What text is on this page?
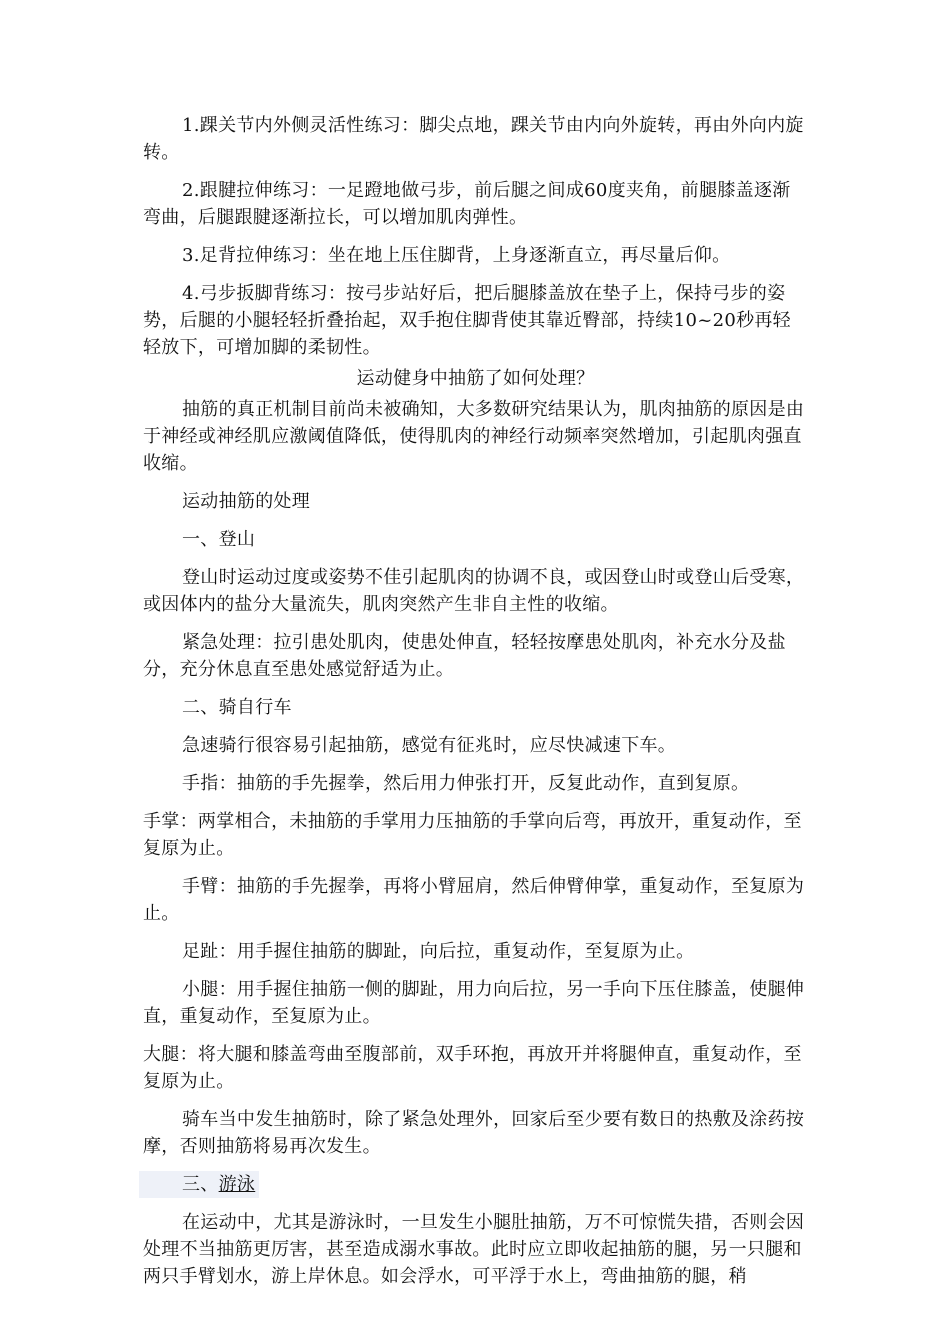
1.踝关节内外侧灵活性练习：脚尖点地，踝关节由内向外旋转，再由外向内旋转。

2.跟腱拉伸练习：一足蹬地做弓步，前后腿之间成60度夹角，前腿膝盖逐渐弯曲，后腿跟腱逐渐拉长，可以增加肌肉弹性。

3.足背拉伸练习：坐在地上压住脚背，上身逐渐直立，再尽量后仰。

4.弓步扳脚背练习：按弓步站好后，把后腿膝盖放在垫子上，保持弓步的姿势，后腿的小腿轻轻折叠抬起，双手抱住脚背使其靠近臀部，持续10~20秒再轻轻放下，可增加脚的柔韧性。

运动健身中抽筋了如何处理？

抽筋的真正机制目前尚未被确知，大多数研究结果认为，肌肉抽筋的原因是由于神经或神经肌应激阈值降低，使得肌肉的神经行动频率突然增加，引起肌肉强直收缩。

运动抽筋的处理

一、登山

登山时运动过度或姿势不佳引起肌肉的协调不良，或因登山时或登山后受寒，或因体内的盐分大量流失，肌肉突然产生非自主性的收缩。

紧急处理：拉引患处肌肉，使患处伸直，轻轻按摩患处肌肉，补充水分及盐分，充分休息直至患处感觉舒适为止。

二、骑自行车

急速骑行很容易引起抽筋，感觉有征兆时，应尽快减速下车。

手指：抽筋的手先握拳，然后用力伸张打开，反复此动作，直到复原。

手掌：两掌相合，未抽筋的手掌用力压抽筋的手掌向后弯，再放开，重复动作，至复原为止。

手臂：抽筋的手先握拳，再将小臂屈肩，然后伸臂伸掌，重复动作，至复原为止。

足趾：用手握住抽筋的脚趾，向后拉，重复动作，至复原为止。

小腿：用手握住抽筋一侧的脚趾，用力向后拉，另一手向下压住膝盖，使腿伸直，重复动作，至复原为止。

大腿：将大腿和膝盖弯曲至腹部前，双手环抱，再放开并将腿伸直，重复动作，至复原为止。

骑车当中发生抽筋时，除了紧急处理外，回家后至少要有数日的热敷及涂药按摩，否则抽筋将易再次发生。

三、游泳

在运动中，尤其是游泳时，一旦发生小腿肚抽筋，万不可惊慌失措，否则会因处理不当抽筋更厉害，甚至造成溺水事故。此时应立即收起抽筋的腿，另一只腿和两只手臂划水，游上岸休息。如会浮水，可平浮于水上，弯曲抽筋的腿，稍
